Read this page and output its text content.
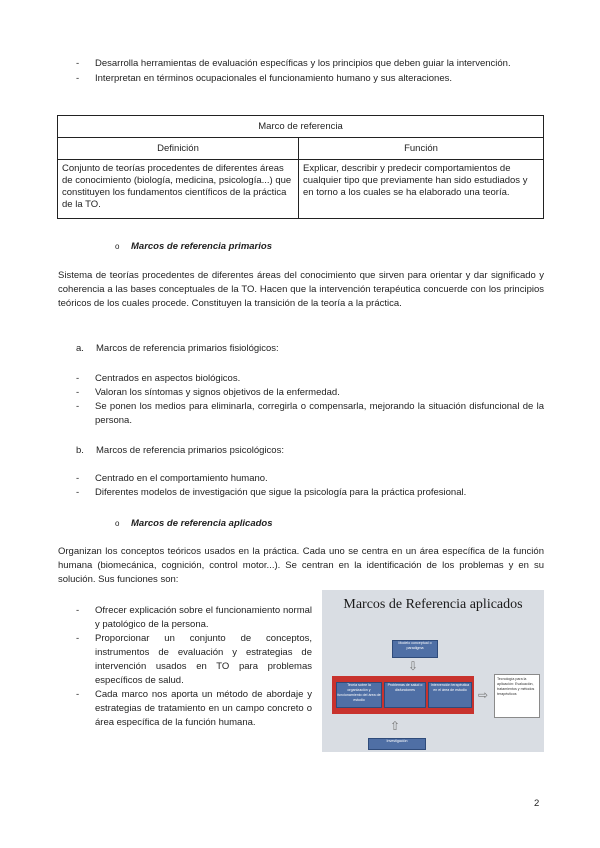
- Desarrolla herramientas de evaluación específicas y los principios que deben guiar la intervención.
- Interpretan en términos ocupacionales el funcionamiento humano y sus alteraciones.
Marco de referencia	
Definición	Función
Conjunto de teorías procedentes de diferentes áreas de conocimiento (biología, medicina, psicología...) que constituyen los fundamentos científicos de la práctica de la TO.	Explicar, describir y predecir comportamientos de cualquier tipo que previamente han sido estudiados y en torno a los cuales se ha elaborado una teoría.
o Marcos de referencia primarios
Sistema de teorías procedentes de diferentes áreas del conocimiento que sirven para orientar y dar significado y coherencia a las bases conceptuales de la TO. Hacen que la intervención terapéutica concuerde con los principios teóricos de los cuales procede. Constituyen la transición de la teoría a la práctica.
a. Marcos de referencia primarios fisiológicos:
- Centrados en aspectos biológicos.
- Valoran los síntomas y signos objetivos de la enfermedad.
- Se ponen los medios para eliminarla, corregirla o compensarla, mejorando la situación disfuncional de la persona.
b. Marcos de referencia primarios psicológicos:
- Centrado en el comportamiento humano.
- Diferentes modelos de investigación que sigue la psicología para la práctica profesional.
o Marcos de referencia aplicados
Organizan los conceptos teóricos usados en la práctica. Cada uno se centra en un área específica de la función humana (biomecánica, cognición, control motor...). Se centran en la identificación de los problemas y en su solución. Sus funciones son:
- Ofrecer explicación sobre el funcionamiento normal y patológico de la persona.
- Proporcionar un conjunto de conceptos, instrumentos de evaluación y estrategias de intervención usados en TO para problemas específicos de salud.
- Cada marco nos aporta un método de abordaje y estrategias de tratamiento en un campo concreto o área específica de la función humana.
Marcos de Referencia aplicados
Modelo conceptual o paradigma
⇩
Teoría sobre la organización y funcionamiento del área de estudio
Problemas de salud o disfunciones
Intervención terapéutica en el área de estudio ⇨
Tecnología para la aplicación: Evaluación, tratamientos y métodos terapéuticos
⇧
Investigación
2
